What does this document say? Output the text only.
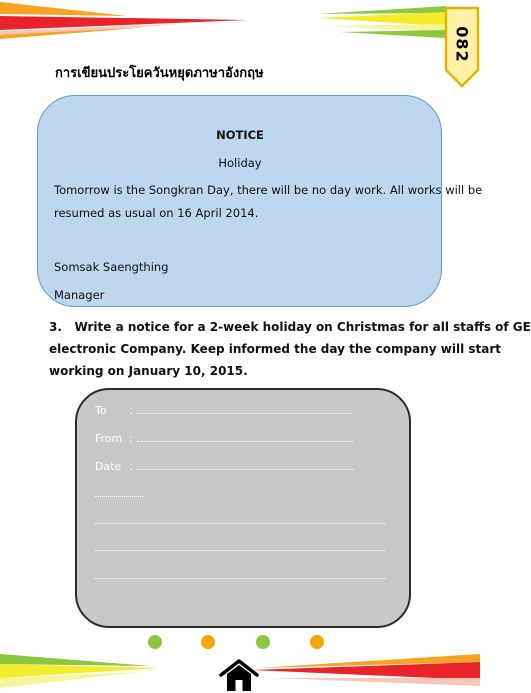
082
การเขียนประโยควันหยุดภาษาอังกฤษ
NOTICE
Holiday
Tomorrow is the Songkran Day, there will be no day work. All works will be
resumed as usual on 16 April 2014.
Somsak Saengthing
Manager
3. Write a notice for a 2-week holiday on Christmas for all staffs of GE
electronic Company. Keep informed the day the company will start
working on January 10, 2015.
To :
From :
Date :
